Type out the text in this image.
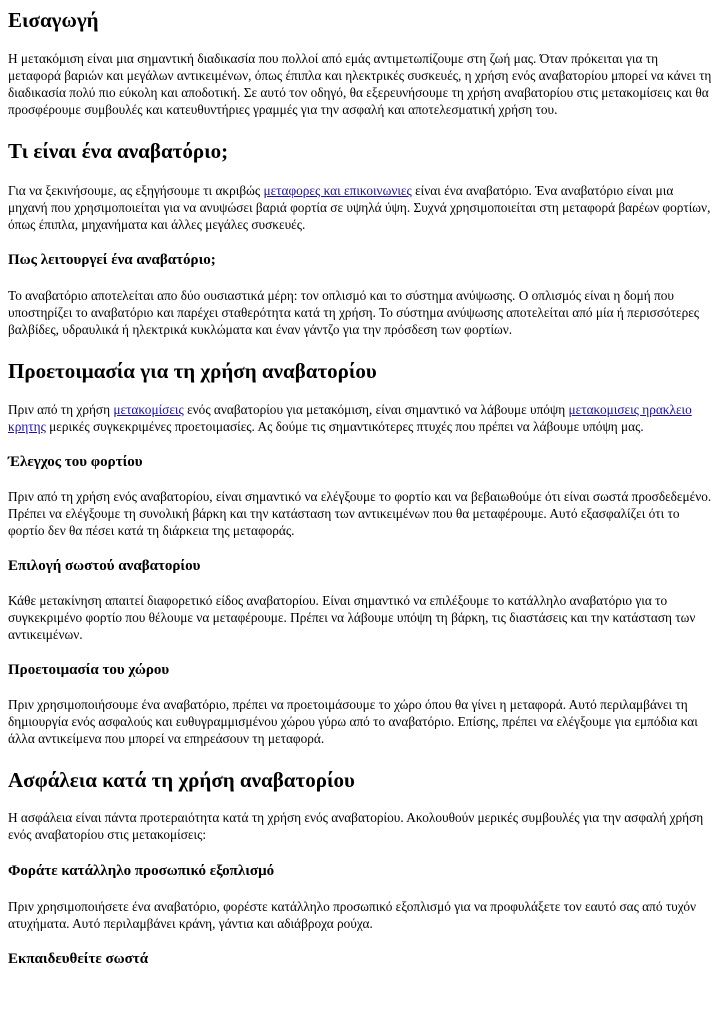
Εισαγωγή

Η μετακόμιση είναι μια σημαντική διαδικασία που πολλοί από εμάς αντιμετωπίζουμε στη ζωή μας. Όταν πρόκειται για τη μεταφορά βαριών και μεγάλων αντικειμένων, όπως έπιπλα και ηλεκτρικές συσκευές, η χρήση ενός αναβατορίου μπορεί να κάνει τη διαδικασία πολύ πιο εύκολη και αποδοτική. Σε αυτό τον οδηγό, θα εξερευνήσουμε τη χρήση αναβατορίου στις μετακομίσεις και θα προσφέρουμε συμβουλές και κατευθυντήριες γραμμές για την ασφαλή και αποτελεσματική χρήση του.

Τι είναι ένα αναβατόριο;

Για να ξεκινήσουμε, ας εξηγήσουμε τι ακριβώς μεταφορες και επικοινωνιες είναι ένα αναβατόριο. Ένα αναβατόριο είναι μια μηχανή που χρησιμοποιείται για να ανυψώσει βαριά φορτία σε υψηλά ύψη. Συχνά χρησιμοποιείται στη μεταφορά βαρέων φορτίων, όπως έπιπλα, μηχανήματα και άλλες μεγάλες συσκευές.

Πως λειτουργεί ένα αναβατόριο;

Το αναβατόριο αποτελείται απο δύο ουσιαστικά μέρη: τον οπλισμό και το σύστημα ανύψωσης. Ο οπλισμός είναι η δομή που υποστηρίζει το αναβατόριο και παρέχει σταθερότητα κατά τη χρήση. Το σύστημα ανύψωσης αποτελείται από μία ή περισσότερες βαλβίδες, υδραυλικά ή ηλεκτρικά κυκλώματα και έναν γάντζο για την πρόσδεση των φορτίων.

Προετοιμασία για τη χρήση αναβατορίου

Πριν από τη χρήση μετακομίσεις ενός αναβατορίου για μετακόμιση, είναι σημαντικό να λάβουμε υπόψη μετακομισεις ηρακλειο κρητης μερικές συγκεκριμένες προετοιμασίες. Ας δούμε τις σημαντικότερες πτυχές που πρέπει να λάβουμε υπόψη μας.

Έλεγχος του φορτίου

Πριν από τη χρήση ενός αναβατορίου, είναι σημαντικό να ελέγξουμε το φορτίο και να βεβαιωθούμε ότι είναι σωστά προσδεδεμένο. Πρέπει να ελέγξουμε τη συνολική βάρκη και την κατάσταση των αντικειμένων που θα μεταφέρουμε. Αυτό εξασφαλίζει ότι το φορτίο δεν θα πέσει κατά τη διάρκεια της μεταφοράς.

Επιλογή σωστού αναβατορίου

Κάθε μετακίνηση απαιτεί διαφορετικό είδος αναβατορίου. Είναι σημαντικό να επιλέξουμε το κατάλληλο αναβατόριο για το συγκεκριμένο φορτίο που θέλουμε να μεταφέρουμε. Πρέπει να λάβουμε υπόψη τη βάρκη, τις διαστάσεις και την κατάσταση των αντικειμένων.

Προετοιμασία του χώρου

Πριν χρησιμοποιήσουμε ένα αναβατόριο, πρέπει να προετοιμάσουμε το χώρο όπου θα γίνει η μεταφορά. Αυτό περιλαμβάνει τη δημιουργία ενός ασφαλούς και ευθυγραμμισμένου χώρου γύρω από το αναβατόριο. Επίσης, πρέπει να ελέγξουμε για εμπόδια και άλλα αντικείμενα που μπορεί να επηρεάσουν τη μεταφορά.

Ασφάλεια κατά τη χρήση αναβατορίου

Η ασφάλεια είναι πάντα προτεραιότητα κατά τη χρήση ενός αναβατορίου. Ακολουθούν μερικές συμβουλές για την ασφαλή χρήση ενός αναβατορίου στις μετακομίσεις:

Φοράτε κατάλληλο προσωπικό εξοπλισμό

Πριν χρησιμοποιήσετε ένα αναβατόριο, φορέστε κατάλληλο προσωπικό εξοπλισμό για να προφυλάξετε τον εαυτό σας από τυχόν ατυχήματα. Αυτό περιλαμβάνει κράνη, γάντια και αδιάβροχα ρούχα.

Εκπαιδευθείτε σωστά
